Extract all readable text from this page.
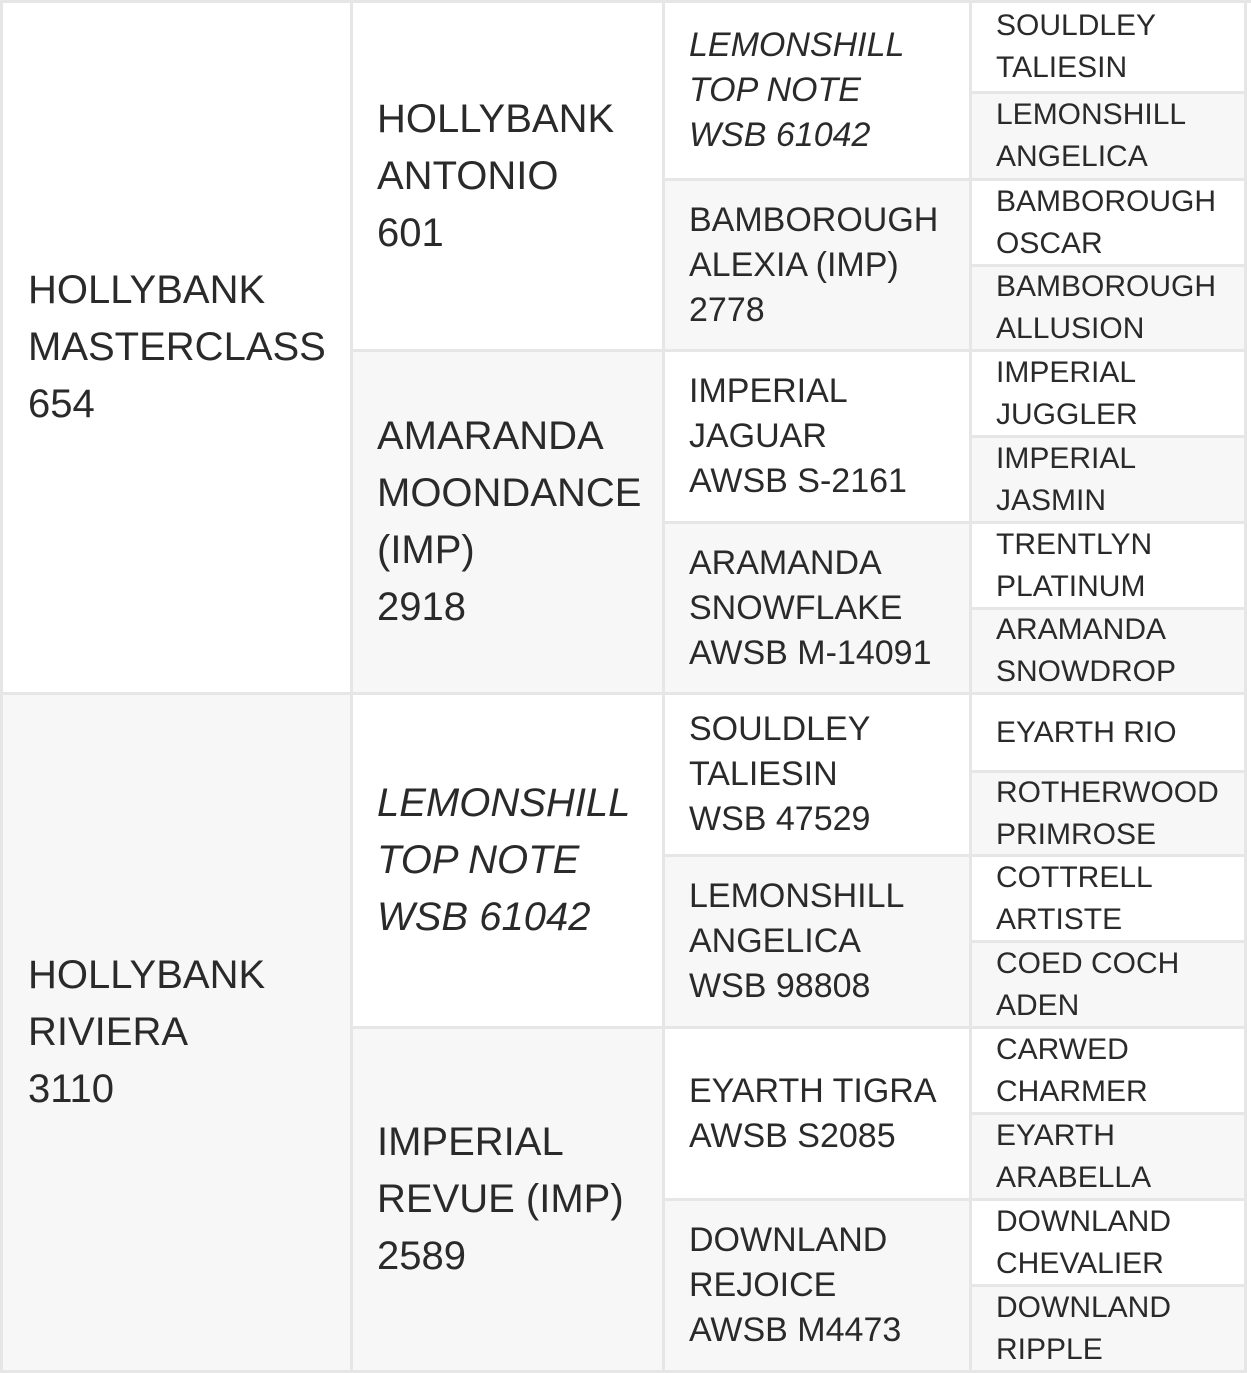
HOLLYBANK
MASTERCLASS
654
HOLLYBANK
RIVIERA
3110
HOLLYBANK
ANTONIO
601
AMARANDA
MOONDANCE
(IMP)
2918
LEMONSHILL
TOP NOTE
WSB 61042
IMPERIAL
REVUE (IMP)
2589
LEMONSHILL
TOP NOTE
WSB 61042
BAMBOROUGH
ALEXIA (IMP)
2778
IMPERIAL
JAGUAR
AWSB S-2161
ARAMANDA
SNOWFLAKE
AWSB M-14091
SOULDLEY
TALIESIN
WSB 47529
LEMONSHILL
ANGELICA
WSB 98808
EYARTH TIGRA
AWSB S2085
DOWNLAND
REJOICE
AWSB M4473
SOULDLEY
TALIESIN
LEMONSHILL
ANGELICA
BAMBOROUGH
OSCAR
BAMBOROUGH
ALLUSION
IMPERIAL
JUGGLER
IMPERIAL
JASMIN
TRENTLYN
PLATINUM
ARAMANDA
SNOWDROP
EYARTH RIO
ROTHERWOOD
PRIMROSE
COTTRELL
ARTISTE
COED COCH
ADEN
CARWED
CHARMER
EYARTH
ARABELLA
DOWNLAND
CHEVALIER
DOWNLAND
RIPPLE
